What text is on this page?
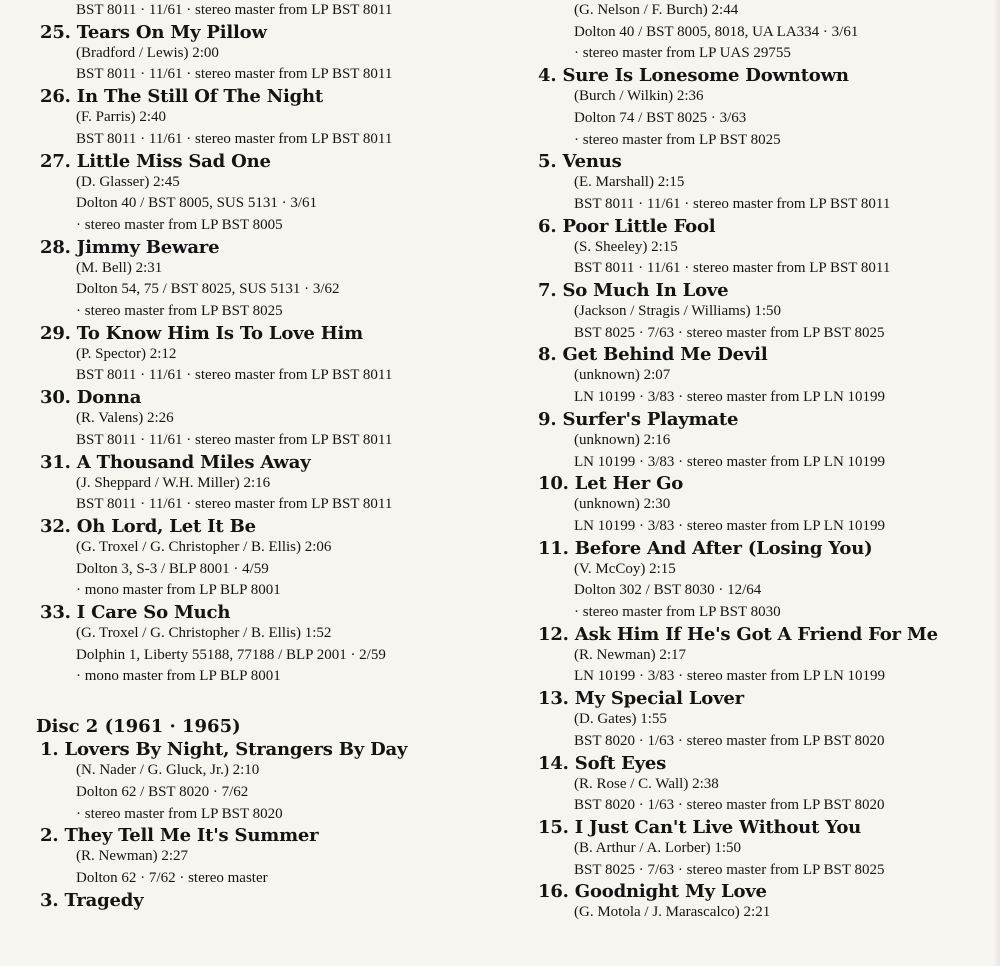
BST 8011 · 11/61 · stereo master from LP BST 8011
25. Tears On My Pillow
(Bradford / Lewis) 2:00
BST 8011 · 11/61 · stereo master from LP BST 8011
26. In The Still Of The Night
(F. Parris) 2:40
BST 8011 · 11/61 · stereo master from LP BST 8011
27. Little Miss Sad One
(D. Glasser) 2:45
Dolton 40 / BST 8005, SUS 5131 · 3/61
· stereo master from LP BST 8005
28. Jimmy Beware
(M. Bell) 2:31
Dolton 54, 75 / BST 8025, SUS 5131 · 3/62
· stereo master from LP BST 8025
29. To Know Him Is To Love Him
(P. Spector) 2:12
BST 8011 · 11/61 · stereo master from LP BST 8011
30. Donna
(R. Valens) 2:26
BST 8011 · 11/61 · stereo master from LP BST 8011
31. A Thousand Miles Away
(J. Sheppard / W.H. Miller) 2:16
BST 8011 · 11/61 · stereo master from LP BST 8011
32. Oh Lord, Let It Be
(G. Troxel / G. Christopher / B. Ellis) 2:06
Dolton 3, S-3 / BLP 8001 · 4/59
· mono master from LP BLP 8001
33. I Care So Much
(G. Troxel / G. Christopher / B. Ellis) 1:52
Dolphin 1, Liberty 55188, 77188 / BLP 2001 · 2/59
· mono master from LP BLP 8001
Disc 2 (1961 · 1965)
1. Lovers By Night, Strangers By Day
(N. Nader / G. Gluck, Jr.) 2:10
Dolton 62 / BST 8020 · 7/62
· stereo master from LP BST 8020
2. They Tell Me It's Summer
(R. Newman) 2:27
Dolton 62 · 7/62 · stereo master
3. Tragedy
(G. Nelson / F. Burch) 2:44
Dolton 40 / BST 8005, 8018, UA LA334 · 3/61
· stereo master from LP UAS 29755
4. Sure Is Lonesome Downtown
(Burch / Wilkin) 2:36
Dolton 74 / BST 8025 · 3/63
· stereo master from LP BST 8025
5. Venus
(E. Marshall) 2:15
BST 8011 · 11/61 · stereo master from LP BST 8011
6. Poor Little Fool
(S. Sheeley) 2:15
BST 8011 · 11/61 · stereo master from LP BST 8011
7. So Much In Love
(Jackson / Stragis / Williams) 1:50
BST 8025 · 7/63 · stereo master from LP BST 8025
8. Get Behind Me Devil
(unknown) 2:07
LN 10199 · 3/83 · stereo master from LP LN 10199
9. Surfer's Playmate
(unknown) 2:16
LN 10199 · 3/83 · stereo master from LP LN 10199
10. Let Her Go
(unknown) 2:30
LN 10199 · 3/83 · stereo master from LP LN 10199
11. Before And After (Losing You)
(V. McCoy) 2:15
Dolton 302 / BST 8030 · 12/64
· stereo master from LP BST 8030
12. Ask Him If He's Got A Friend For Me
(R. Newman) 2:17
LN 10199 · 3/83 · stereo master from LP LN 10199
13. My Special Lover
(D. Gates) 1:55
BST 8020 · 1/63 · stereo master from LP BST 8020
14. Soft Eyes
(R. Rose / C. Wall) 2:38
BST 8020 · 1/63 · stereo master from LP BST 8020
15. I Just Can't Live Without You
(B. Arthur / A. Lorber) 1:50
BST 8025 · 7/63 · stereo master from LP BST 8025
16. Goodnight My Love
(G. Motola / J. Marascalco) 2:21
